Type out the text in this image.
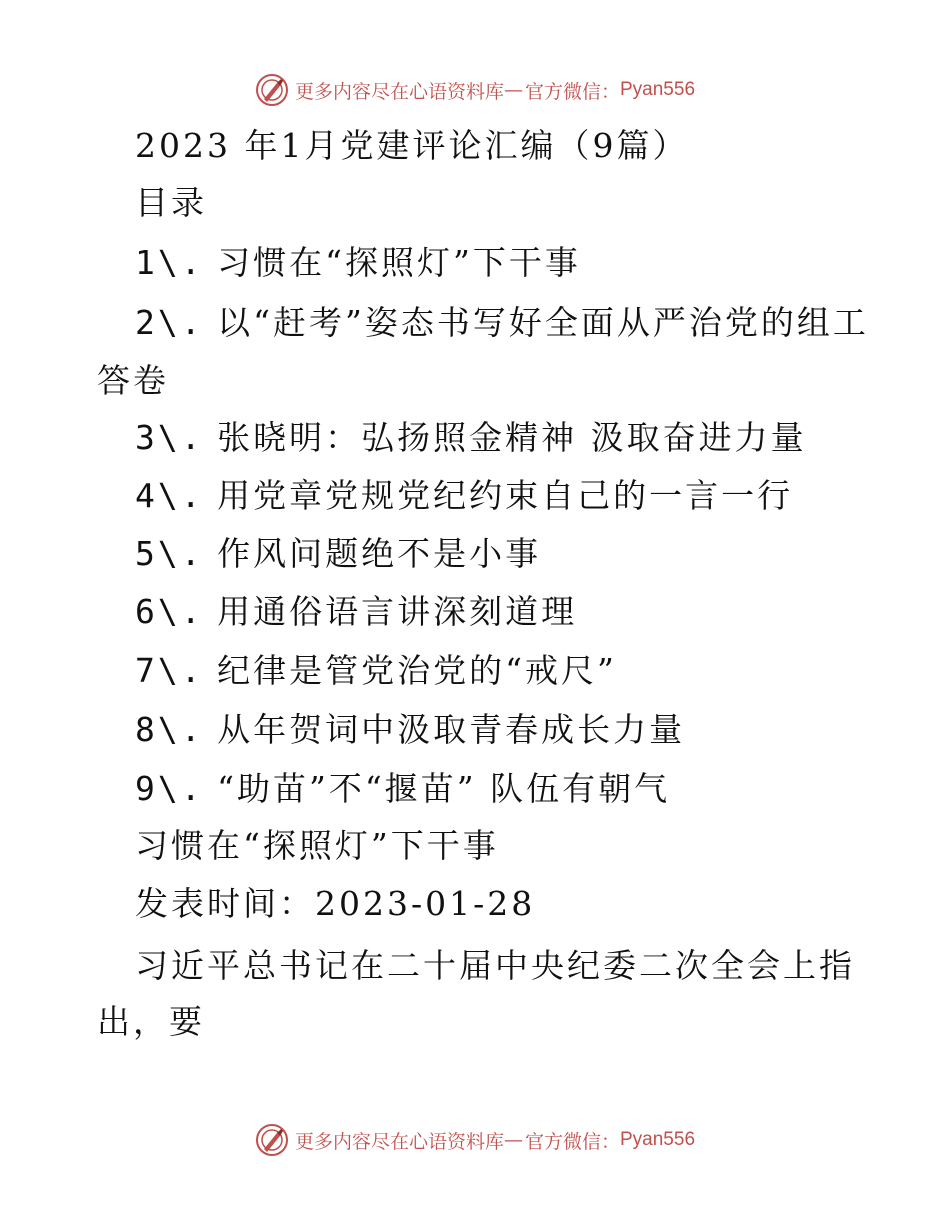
更多内容尽在心语资料库 — 官方微信： Pyan556
2023 年1月党建评论汇编（9篇）
目录
1\. 习惯在“探照灯”下干事
2\. 以“赶考”姿态书写好全面从严治党的组工
答卷
3\. 张晓明：弘扬照金精神 汲取奋进力量
4\. 用党章党规党纪约束自己的一言一行
5\. 作风问题绝不是小事
6\. 用通俗语言讲深刻道理
7\. 纪律是管党治党的“戒尺”
8\. 从年贺词中汲取青春成长力量
9\. “助苗”不“揠苗” 队伍有朝气
习惯在“探照灯”下干事
发表时间：2023-01-28
习近平总书记在二十届中央纪委二次全会上指
出，要
更多内容尽在心语资料库 — 官方微信： Pyan556
